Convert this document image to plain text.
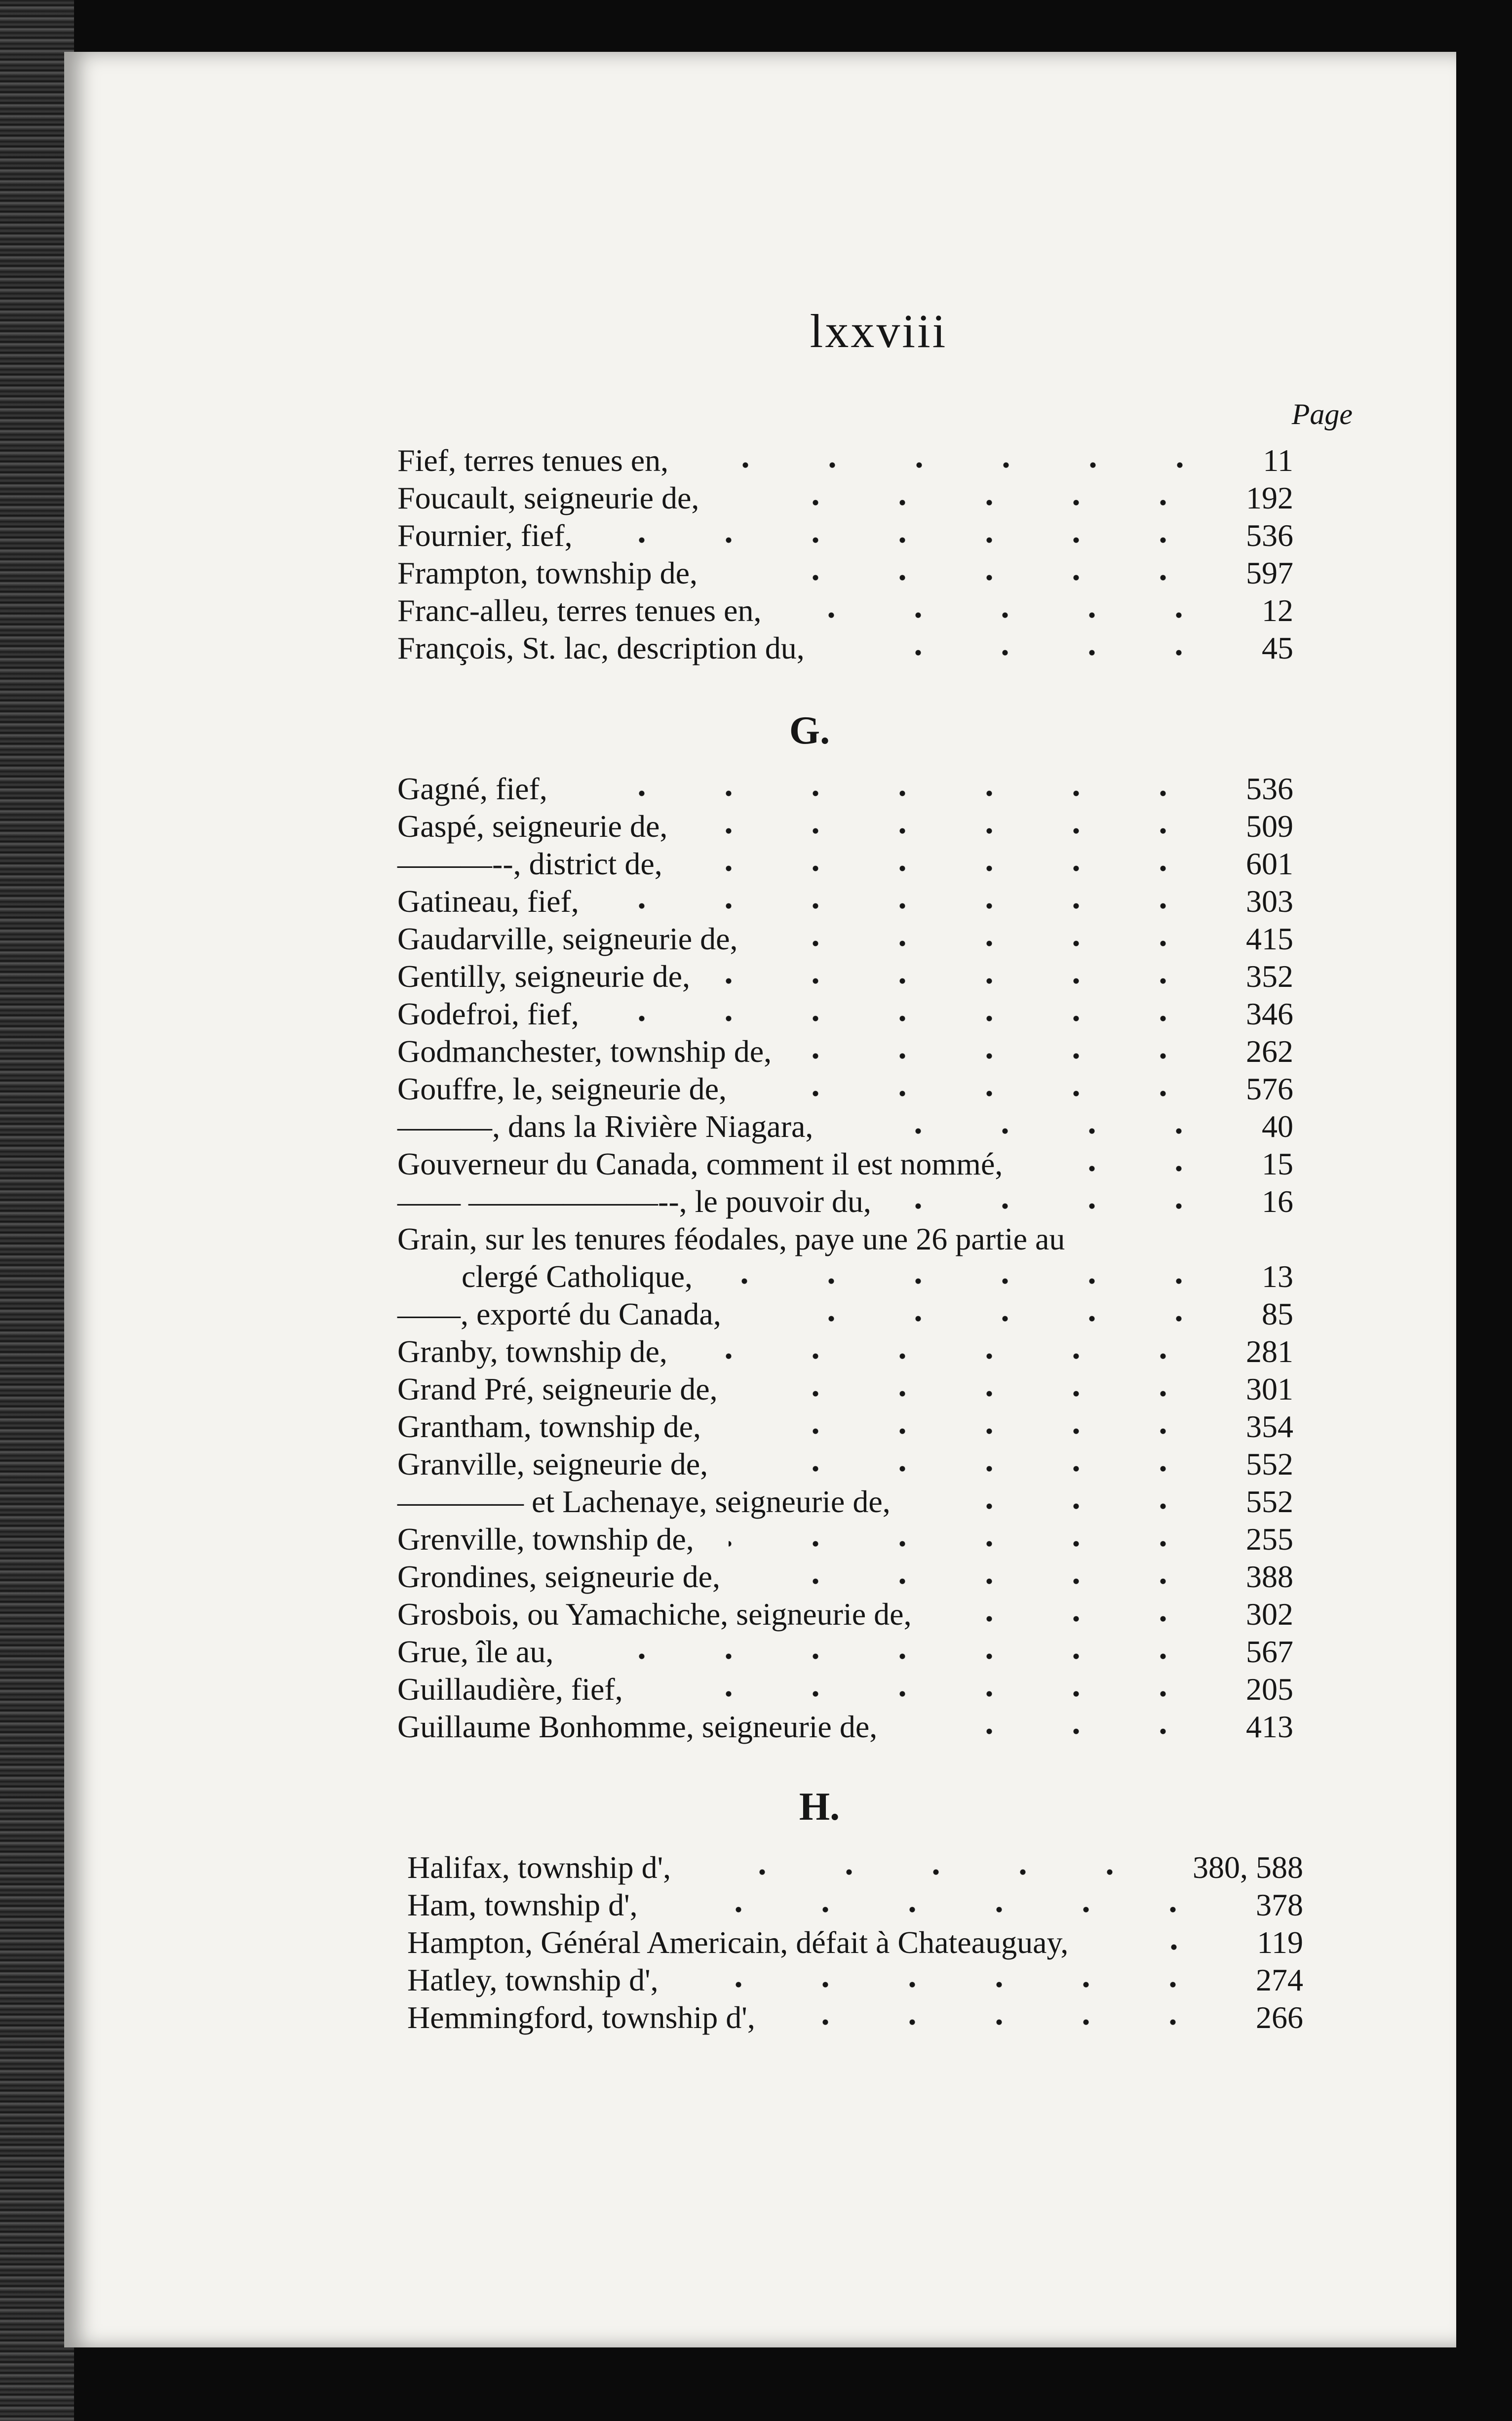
lxxviii
Page
Fief, terres tenues en,	11
Foucault, seigneurie de,	192
Fournier, fief,	536
Frampton, township de,	597
Franc-alleu, terres tenues en,	12
François, St. lac, description du,	45
G.
Gagné, fief,	536
Gaspé, seigneurie de,	509
———--, district de,	601
Gatineau, fief,	303
Gaudarville, seigneurie de,	415
Gentilly, seigneurie de,	352
Godefroi, fief,	346
Godmanchester, township de,	262
Gouffre, le, seigneurie de,	576
———, dans la Rivière Niagara,	40
Gouverneur du Canada, comment il est nommé,	15
—— ——————--, le pouvoir du,	16
Grain, sur les tenures féodales, paye une 26 partie au
clergé Catholique,	13
——, exporté du Canada,	85
Granby, township de,	281
Grand Pré, seigneurie de,	301
Grantham, township de,	354
Granville, seigneurie de,	552
———— et Lachenaye, seigneurie de,	552
Grenville, township de,	255
Grondines, seigneurie de,	388
Grosbois, ou Yamachiche, seigneurie de,	302
Grue, île au,	567
Guillaudière, fief,	205
Guillaume Bonhomme, seigneurie de,	413
H.
Halifax, township d',	380, 588
Ham, township d',	378
Hampton, Général Americain, défait à Chateauguay,	119
Hatley, township d',	274
Hemmingford, township d',	266
